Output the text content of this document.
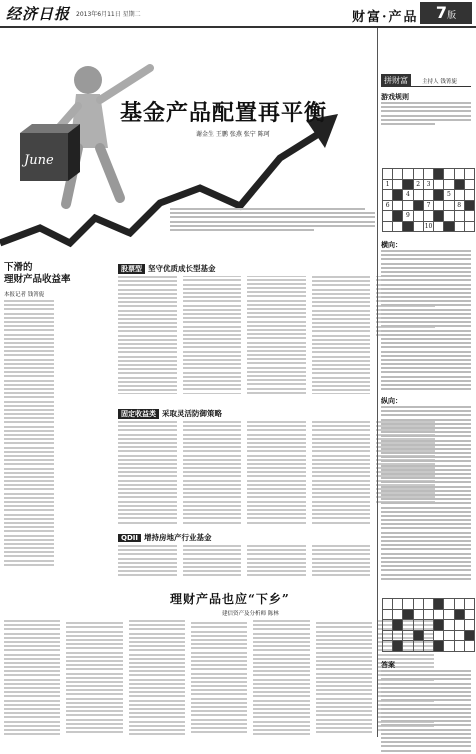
经济日报 2013年6月11日 星期二	财富·产品	7版
June
基金产品配置再平衡
谢金生 王鹏 张燕 张宁 陈珂
下滑的
理财产品收益率
本报记者 钱箐旎
股票型 坚守优质成长型基金
固定收益类 采取灵活防御策略
QDII 增持房地产行业基金
理财产品也应“下乡”
建信资产及分析师 陈林
拼财富	主持人 钱箐旎
游戏规则

1			2	3				
		4				5		
6				7			8	
		9						
				10				
横向：
纵向：

答案
